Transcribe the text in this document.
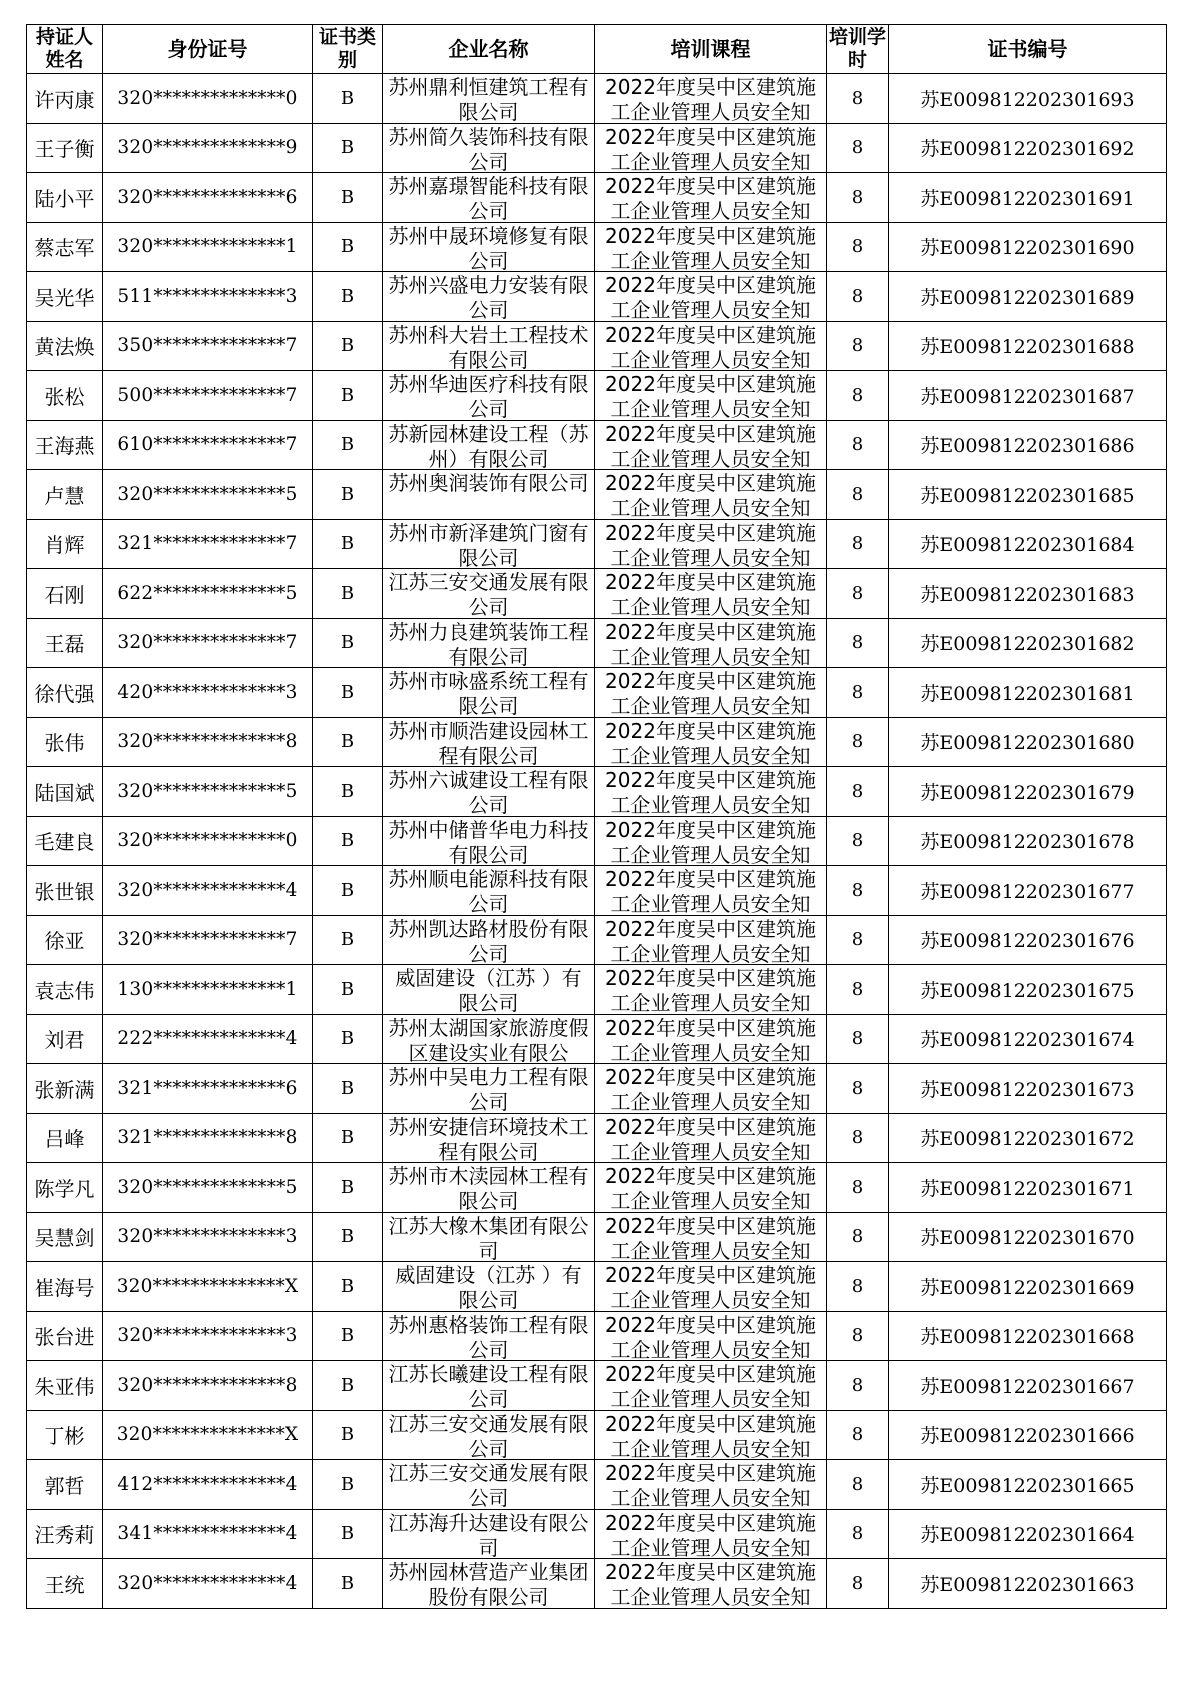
持证人姓名	身份证号	证书类别	企业名称	培训课程	培训学时	证书编号
许丙康	320**************0	B	苏州鼎利恒建筑工程有限公司	2022年度吴中区建筑施工企业管理人员安全知	8	苏E009812202301693
王子衡	320**************9	B	苏州简久装饰科技有限公司	2022年度吴中区建筑施工企业管理人员安全知	8	苏E009812202301692
陆小平	320**************6	B	苏州嘉璟智能科技有限公司	2022年度吴中区建筑施工企业管理人员安全知	8	苏E009812202301691
蔡志军	320**************1	B	苏州中晟环境修复有限公司	2022年度吴中区建筑施工企业管理人员安全知	8	苏E009812202301690
吴光华	511**************3	B	苏州兴盛电力安装有限公司	2022年度吴中区建筑施工企业管理人员安全知	8	苏E009812202301689
黄法焕	350**************7	B	苏州科大岩土工程技术有限公司	2022年度吴中区建筑施工企业管理人员安全知	8	苏E009812202301688
张松	500**************7	B	苏州华迪医疗科技有限公司	2022年度吴中区建筑施工企业管理人员安全知	8	苏E009812202301687
王海燕	610**************7	B	苏新园林建设工程（苏州）有限公司	2022年度吴中区建筑施工企业管理人员安全知	8	苏E009812202301686
卢慧	320**************5	B	苏州奥润装饰有限公司	2022年度吴中区建筑施工企业管理人员安全知	8	苏E009812202301685
肖辉	321**************7	B	苏州市新泽建筑门窗有限公司	2022年度吴中区建筑施工企业管理人员安全知	8	苏E009812202301684
石刚	622**************5	B	江苏三安交通发展有限公司	2022年度吴中区建筑施工企业管理人员安全知	8	苏E009812202301683
王磊	320**************7	B	苏州力良建筑装饰工程有限公司	2022年度吴中区建筑施工企业管理人员安全知	8	苏E009812202301682
徐代强	420**************3	B	苏州市咏盛系统工程有限公司	2022年度吴中区建筑施工企业管理人员安全知	8	苏E009812202301681
张伟	320**************8	B	苏州市顺浩建设园林工程有限公司	2022年度吴中区建筑施工企业管理人员安全知	8	苏E009812202301680
陆国斌	320**************5	B	苏州六诚建设工程有限公司	2022年度吴中区建筑施工企业管理人员安全知	8	苏E009812202301679
毛建良	320**************0	B	苏州中储普华电力科技有限公司	2022年度吴中区建筑施工企业管理人员安全知	8	苏E009812202301678
张世银	320**************4	B	苏州顺电能源科技有限公司	2022年度吴中区建筑施工企业管理人员安全知	8	苏E009812202301677
徐亚	320**************7	B	苏州凯达路材股份有限公司	2022年度吴中区建筑施工企业管理人员安全知	8	苏E009812202301676
袁志伟	130**************1	B	威固建设（江苏 ）有限公司	2022年度吴中区建筑施工企业管理人员安全知	8	苏E009812202301675
刘君	222**************4	B	苏州太湖国家旅游度假区建设实业有限公	2022年度吴中区建筑施工企业管理人员安全知	8	苏E009812202301674
张新满	321**************6	B	苏州中吴电力工程有限公司	2022年度吴中区建筑施工企业管理人员安全知	8	苏E009812202301673
吕峰	321**************8	B	苏州安捷信环境技术工程有限公司	2022年度吴中区建筑施工企业管理人员安全知	8	苏E009812202301672
陈学凡	320**************5	B	苏州市木渎园林工程有限公司	2022年度吴中区建筑施工企业管理人员安全知	8	苏E009812202301671
吴慧剑	320**************3	B	江苏大橡木集团有限公司	2022年度吴中区建筑施工企业管理人员安全知	8	苏E009812202301670
崔海号	320**************X	B	威固建设（江苏 ）有限公司	2022年度吴中区建筑施工企业管理人员安全知	8	苏E009812202301669
张台进	320**************3	B	苏州惠格装饰工程有限公司	2022年度吴中区建筑施工企业管理人员安全知	8	苏E009812202301668
朱亚伟	320**************8	B	江苏长曦建设工程有限公司	2022年度吴中区建筑施工企业管理人员安全知	8	苏E009812202301667
丁彬	320**************X	B	江苏三安交通发展有限公司	2022年度吴中区建筑施工企业管理人员安全知	8	苏E009812202301666
郭哲	412**************4	B	江苏三安交通发展有限公司	2022年度吴中区建筑施工企业管理人员安全知	8	苏E009812202301665
汪秀莉	341**************4	B	江苏海升达建设有限公司	2022年度吴中区建筑施工企业管理人员安全知	8	苏E009812202301664
王统	320**************4	B	苏州园林营造产业集团股份有限公司	2022年度吴中区建筑施工企业管理人员安全知	8	苏E009812202301663
